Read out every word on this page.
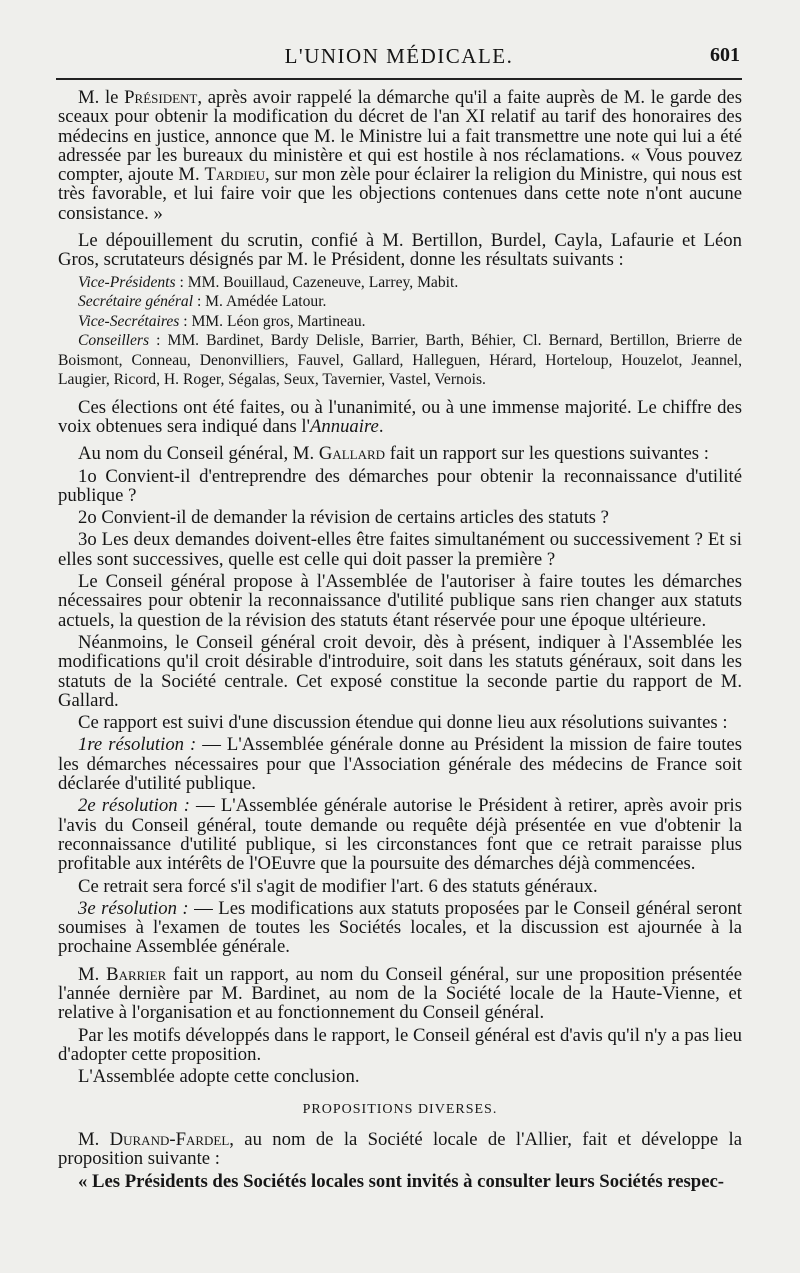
L'UNION MÉDICALE.	601

M. le Président, après avoir rappelé la démarche qu'il a faite auprès de M. le garde des sceaux pour obtenir la modification du décret de l'an XI relatif au tarif des honoraires des médecins en justice, annonce que M. le Ministre lui a fait transmettre une note qui lui a été adressée par les bureaux du ministère et qui est hostile à nos réclamations. « Vous pouvez compter, ajoute M. Tardieu, sur mon zèle pour éclairer la religion du Ministre, qui nous est très favorable, et lui faire voir que les objections contenues dans cette note n'ont aucune consistance. »

Le dépouillement du scrutin, confié à M. Bertillon, Burdel, Cayla, Lafaurie et Léon Gros, scrutateurs désignés par M. le Président, donne les résultats suivants :

Vice-Présidents : MM. Bouillaud, Cazeneuve, Larrey, Mabit.

Secrétaire général : M. Amédée Latour.

Vice-Secrétaires : MM. Léon gros, Martineau.

Conseillers : MM. Bardinet, Bardy Delisle, Barrier, Barth, Béhier, Cl. Bernard, Bertillon, Brierre de Boismont, Conneau, Denonvilliers, Fauvel, Gallard, Halleguen, Hérard, Horteloup, Houzelot, Jeannel, Laugier, Ricord, H. Roger, Ségalas, Seux, Tavernier, Vastel, Vernois.

Ces élections ont été faites, ou à l'unanimité, ou à une immense majorité. Le chiffre des voix obtenues sera indiqué dans l'Annuaire.

Au nom du Conseil général, M. Gallard fait un rapport sur les questions suivantes :

1o Convient-il d'entreprendre des démarches pour obtenir la reconnaissance d'utilité publique ?

2o Convient-il de demander la révision de certains articles des statuts ?

3o Les deux demandes doivent-elles être faites simultanément ou successivement ? Et si elles sont successives, quelle est celle qui doit passer la première ?

Le Conseil général propose à l'Assemblée de l'autoriser à faire toutes les démarches nécessaires pour obtenir la reconnaissance d'utilité publique sans rien changer aux statuts actuels, la question de la révision des statuts étant réservée pour une époque ultérieure.

Néanmoins, le Conseil général croit devoir, dès à présent, indiquer à l'Assemblée les modifications qu'il croit désirable d'introduire, soit dans les statuts généraux, soit dans les statuts de la Société centrale. Cet exposé constitue la seconde partie du rapport de M. Gallard.

Ce rapport est suivi d'une discussion étendue qui donne lieu aux résolutions suivantes :

1re résolution : — L'Assemblée générale donne au Président la mission de faire toutes les démarches nécessaires pour que l'Association générale des médecins de France soit déclarée d'utilité publique.

2e résolution : — L'Assemblée générale autorise le Président à retirer, après avoir pris l'avis du Conseil général, toute demande ou requête déjà présentée en vue d'obtenir la reconnaissance d'utilité publique, si les circonstances font que ce retrait paraisse plus profitable aux intérêts de l'OEuvre que la poursuite des démarches déjà commencées.

Ce retrait sera forcé s'il s'agit de modifier l'art. 6 des statuts généraux.

3e résolution : — Les modifications aux statuts proposées par le Conseil général seront soumises à l'examen de toutes les Sociétés locales, et la discussion est ajournée à la prochaine Assemblée générale.

M. Barrier fait un rapport, au nom du Conseil général, sur une proposition présentée l'année dernière par M. Bardinet, au nom de la Société locale de la Haute-Vienne, et relative à l'organisation et au fonctionnement du Conseil général.

Par les motifs développés dans le rapport, le Conseil général est d'avis qu'il n'y a pas lieu d'adopter cette proposition.

L'Assemblée adopte cette conclusion.

PROPOSITIONS DIVERSES.

M. Durand-Fardel, au nom de la Société locale de l'Allier, fait et développe la proposition suivante :

« Les Présidents des Sociétés locales sont invités à consulter leurs Sociétés respec-
